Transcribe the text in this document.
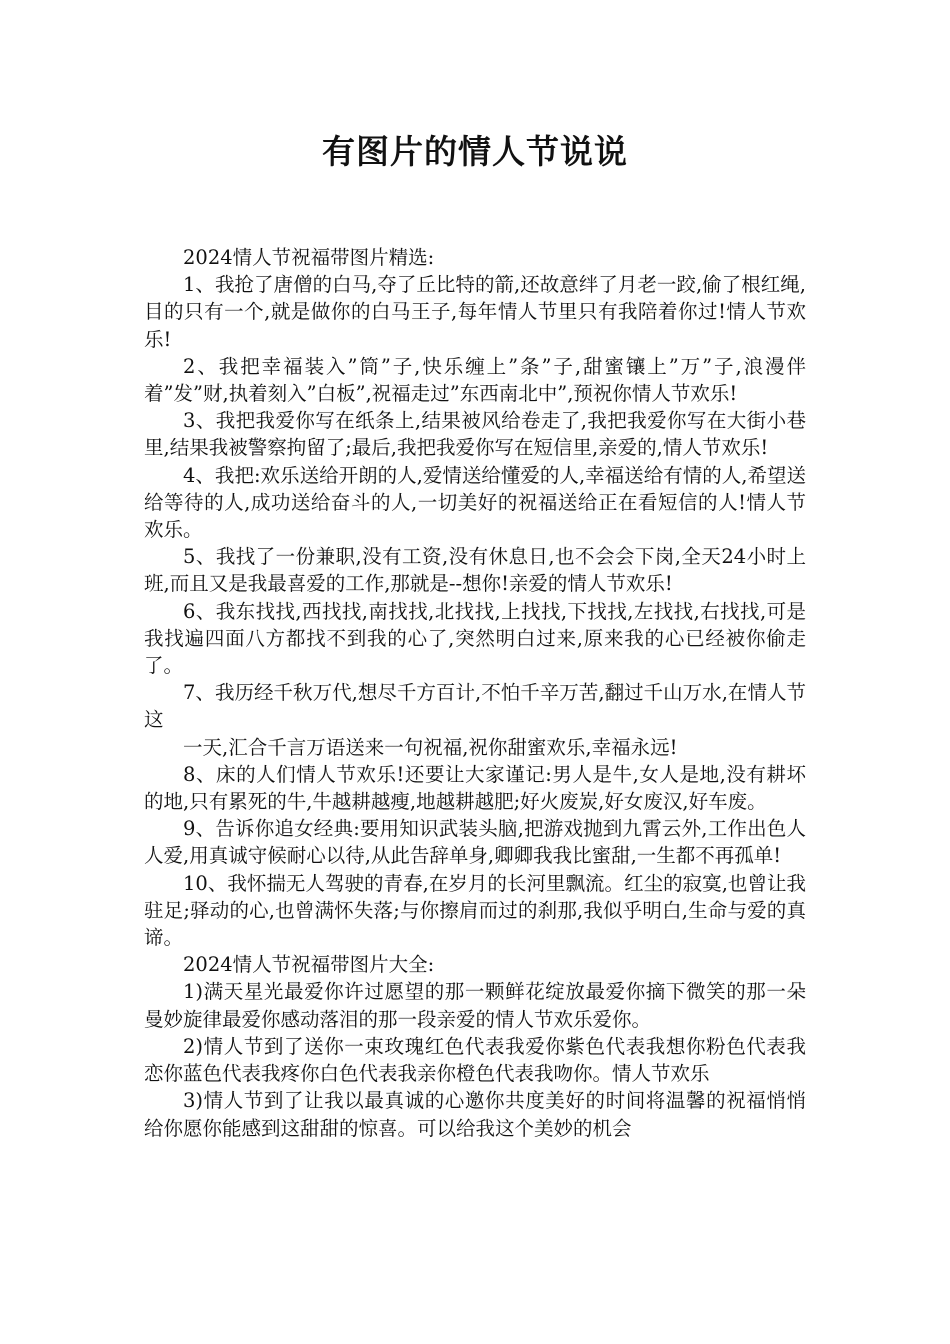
有图片的情人节说说

2024情人节祝福带图片精选:

1、我抢了唐僧的白马,夺了丘比特的箭,还故意绊了月老一跤,偷了根红绳,目的只有一个,就是做你的白马王子,每年情人节里只有我陪着你过!情人节欢乐!

2、我把幸福装入”筒”子,快乐缠上”条”子,甜蜜镶上”万”子,浪漫伴着”发”财,执着刻入”白板”,祝福走过”东西南北中”,预祝你情人节欢乐!

3、我把我爱你写在纸条上,结果被风给卷走了,我把我爱你写在大街小巷里,结果我被警察拘留了;最后,我把我爱你写在短信里,亲爱的,情人节欢乐!

4、我把:欢乐送给开朗的人,爱情送给懂爱的人,幸福送给有情的人,希望送给等待的人,成功送给奋斗的人,一切美好的祝福送给正在看短信的人!情人节欢乐。

5、我找了一份兼职,没有工资,没有休息日,也不会会下岗,全天24小时上班,而且又是我最喜爱的工作,那就是--想你!亲爱的情人节欢乐!

6、我东找找,西找找,南找找,北找找,上找找,下找找,左找找,右找找,可是我找遍四面八方都找不到我的心了,突然明白过来,原来我的心已经被你偷走了。

7、我历经千秋万代,想尽千方百计,不怕千辛万苦,翻过千山万水,在情人节这

一天,汇合千言万语送来一句祝福,祝你甜蜜欢乐,幸福永远!

8、床的人们情人节欢乐!还要让大家谨记:男人是牛,女人是地,没有耕坏的地,只有累死的牛,牛越耕越瘦,地越耕越肥;好火废炭,好女废汉,好车废。

9、告诉你追女经典:要用知识武装头脑,把游戏抛到九霄云外,工作出色人人爱,用真诚守候耐心以待,从此告辞单身,卿卿我我比蜜甜,一生都不再孤单!

10、我怀揣无人驾驶的青春,在岁月的长河里飘流。红尘的寂寞,也曾让我驻足;驿动的心,也曾满怀失落;与你擦肩而过的刹那,我似乎明白,生命与爱的真谛。

2024情人节祝福带图片大全:

1)满天星光最爱你许过愿望的那一颗鲜花绽放最爱你摘下微笑的那一朵曼妙旋律最爱你感动落泪的那一段亲爱的情人节欢乐爱你。

2)情人节到了送你一束玫瑰红色代表我爱你紫色代表我想你粉色代表我恋你蓝色代表我疼你白色代表我亲你橙色代表我吻你。情人节欢乐

3)情人节到了让我以最真诚的心邀你共度美好的时间将温馨的祝福悄悄给你愿你能感到这甜甜的惊喜。可以给我这个美妙的机会
